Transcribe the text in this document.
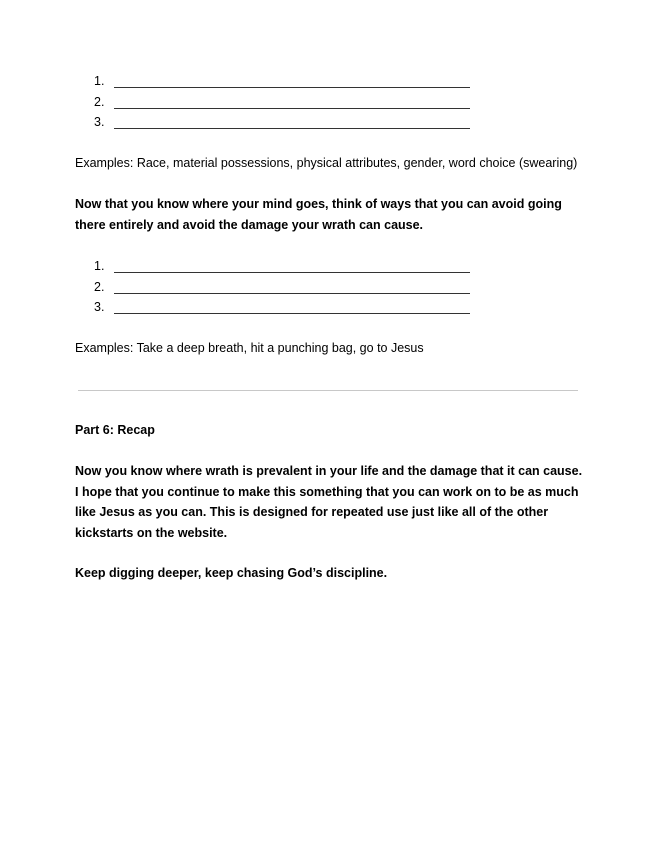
1.
2.
3.

Examples: Race, material possessions, physical attributes, gender, word choice (swearing)

Now that you know where your mind goes, think of ways that you can avoid going there entirely and avoid the damage your wrath can cause.

1.
2.
3.

Examples: Take a deep breath, hit a punching bag, go to Jesus

Part 6: Recap

Now you know where wrath is prevalent in your life and the damage that it can cause. I hope that you continue to make this something that you can work on to be as much like Jesus as you can. This is designed for repeated use just like all of the other kickstarts on the website.

Keep digging deeper, keep chasing God’s discipline.
